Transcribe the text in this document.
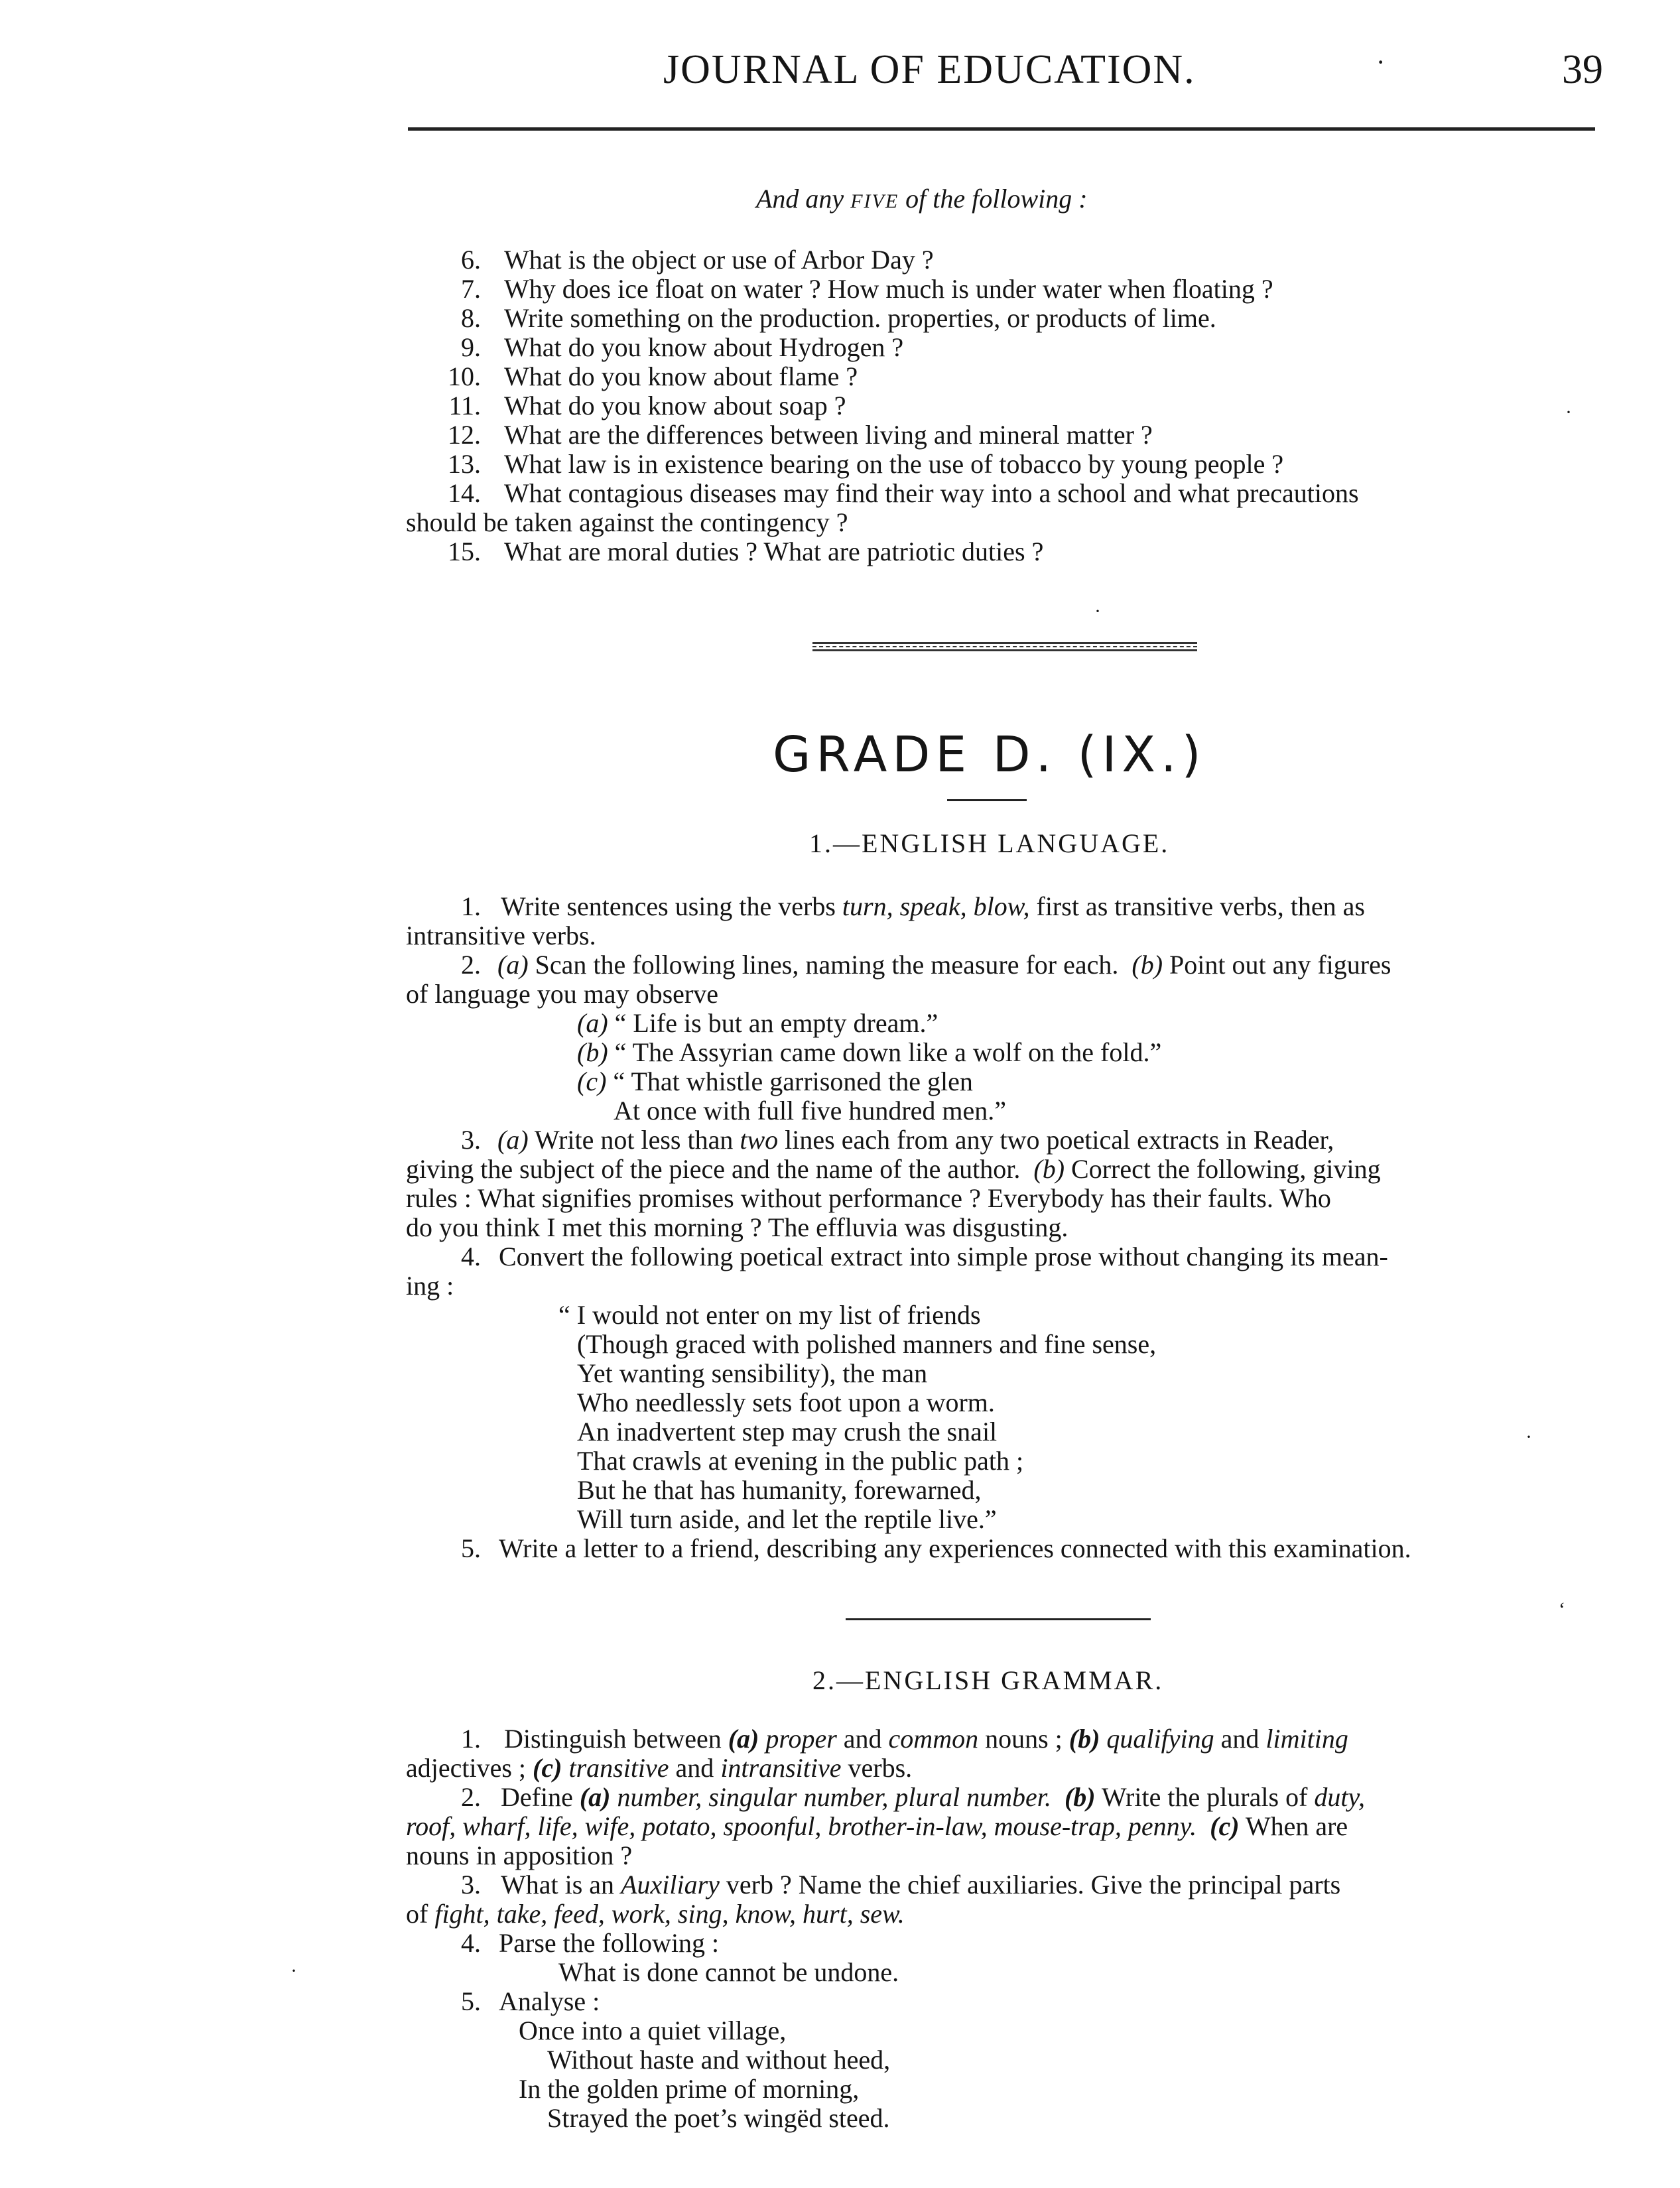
JOURNAL OF EDUCATION.	·	39
And any FIVE of the following :
6. What is the object or use of Arbor Day ?
7. Why does ice float on water ? How much is under water when floating ?
8. Write something on the production. properties, or products of lime.
9. What do you know about Hydrogen ?
10. What do you know about flame ?
11. What do you know about soap ?
12. What are the differences between living and mineral matter ?
13. What law is in existence bearing on the use of tobacco by young people ?
14. What contagious diseases may find their way into a school and what precautions
should be taken against the contingency ?
15. What are moral duties ? What are patriotic duties ?
GRADE D. (IX.)
1.—ENGLISH LANGUAGE.
1. Write sentences using the verbs turn, speak, blow, first as transitive verbs, then as
intransitive verbs.
2. (a) Scan the following lines, naming the measure for each. (b) Point out any figures
of language you may observe
(a) “ Life is but an empty dream.”
(b) “ The Assyrian came down like a wolf on the fold.”
(c) “ That whistle garrisoned the glen
At once with full five hundred men.”
3. (a) Write not less than two lines each from any two poetical extracts in Reader,
giving the subject of the piece and the name of the author. (b) Correct the following, giving
rules : What signifies promises without performance ? Everybody has their faults. Who
do you think I met this morning ? The effluvia was disgusting.
4. Convert the following poetical extract into simple prose without changing its mean-
ing :
“ I would not enter on my list of friends
(Though graced with polished manners and fine sense,
Yet wanting sensibility), the man
Who needlessly sets foot upon a worm.
An inadvertent step may crush the snail
That crawls at evening in the public path ;
But he that has humanity, forewarned,
Will turn aside, and let the reptile live.”
5. Write a letter to a friend, describing any experiences connected with this examination.
‘
2.—ENGLISH GRAMMAR.
1. Distinguish between (a) proper and common nouns ; (b) qualifying and limiting
adjectives ; (c) transitive and intransitive verbs.
2. Define (a) number, singular number, plural number. (b) Write the plurals of duty,
roof, wharf, life, wife, potato, spoonful, brother-in-law, mouse-trap, penny. (c) When are
nouns in apposition ?
3. What is an Auxiliary verb ? Name the chief auxiliaries. Give the principal parts
of fight, take, feed, work, sing, know, hurt, sew.
4. Parse the following :
What is done cannot be undone.
5. Analyse :
Once into a quiet village,
Without haste and without heed,
In the golden prime of morning,
Strayed the poet’s wingëd steed.
·
·
·
·
